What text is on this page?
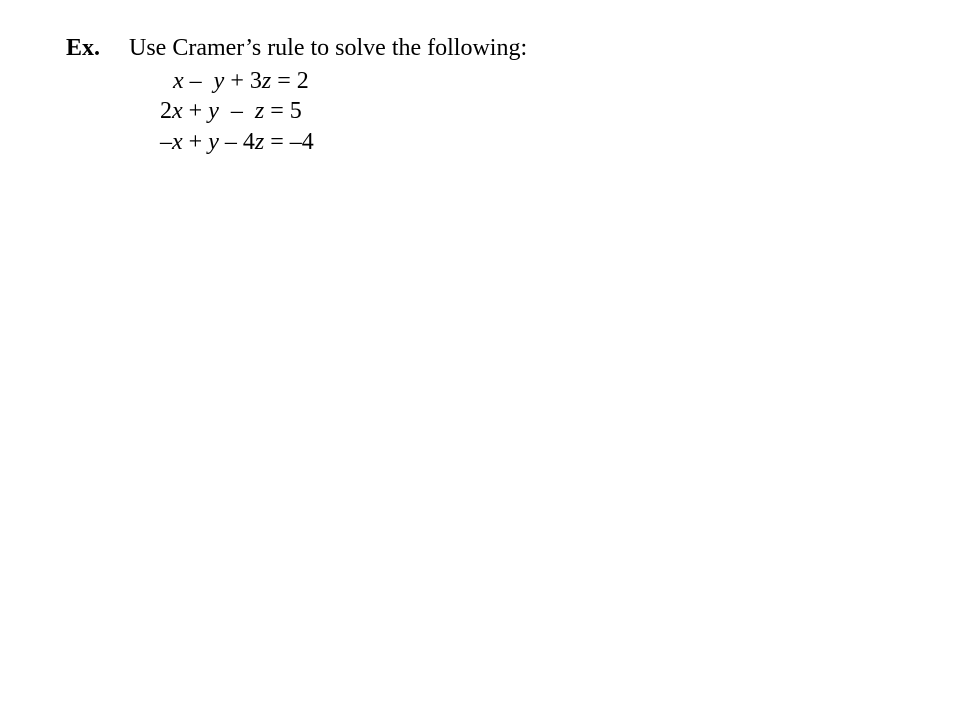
Ex. Use Cramer’s rule to solve the following:
x –  y + 3z = 2
2x + y  –  z = 5
–x + y – 4z = –4
